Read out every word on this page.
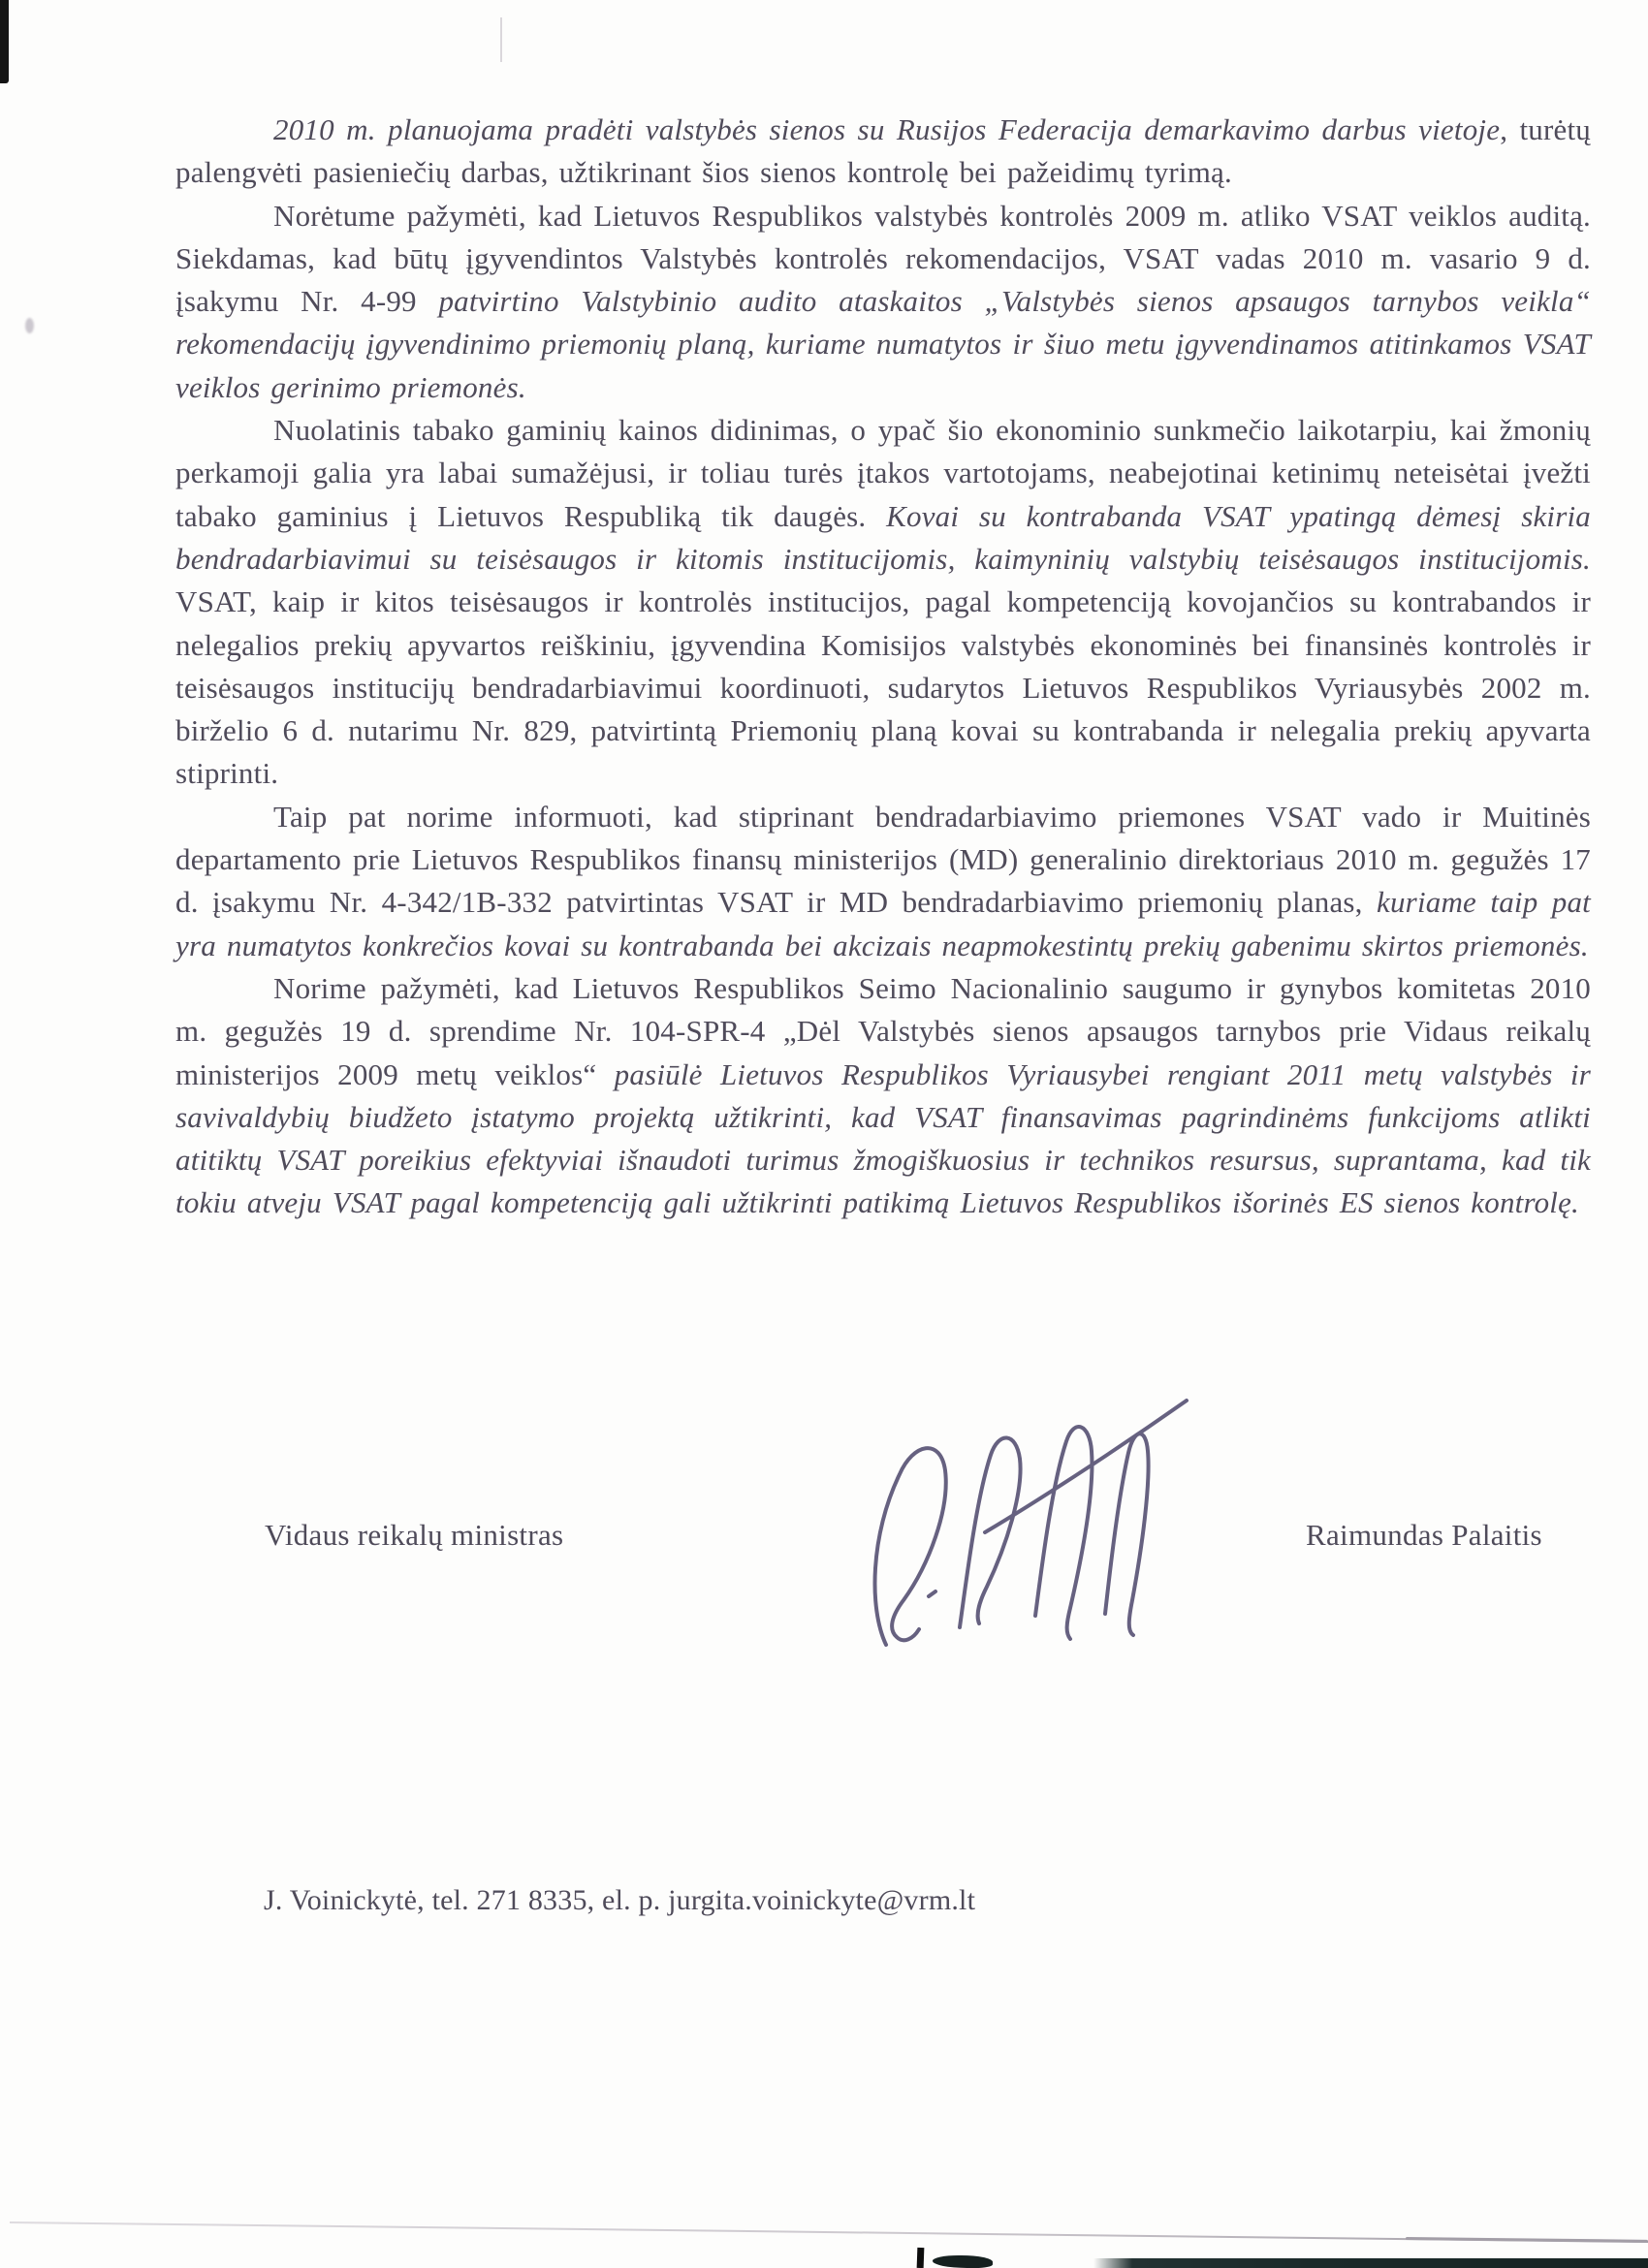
2010 m. planuojama pradėti valstybės sienos su Rusijos Federacija demarkavimo darbus vietoje, turėtų palengvėti pasieniečių darbas, užtikrinant šios sienos kontrolę bei pažeidimų tyrimą.

Norėtume pažymėti, kad Lietuvos Respublikos valstybės kontrolės 2009 m. atliko VSAT veiklos auditą. Siekdamas, kad būtų įgyvendintos Valstybės kontrolės rekomendacijos, VSAT vadas 2010 m. vasario 9 d. įsakymu Nr. 4-99 patvirtino Valstybinio audito ataskaitos „Valstybės sienos apsaugos tarnybos veikla“ rekomendacijų įgyvendinimo priemonių planą, kuriame numatytos ir šiuo metu įgyvendinamos atitinkamos VSAT veiklos gerinimo priemonės.

Nuolatinis tabako gaminių kainos didinimas, o ypač šio ekonominio sunkmečio laikotarpiu, kai žmonių perkamoji galia yra labai sumažėjusi, ir toliau turės įtakos vartotojams, neabejotinai ketinimų neteisėtai įvežti tabako gaminius į Lietuvos Respubliką tik daugės. Kovai su kontrabanda VSAT ypatingą dėmesį skiria bendradarbiavimui su teisėsaugos ir kitomis institucijomis, kaimyninių valstybių teisėsaugos institucijomis. VSAT, kaip ir kitos teisėsaugos ir kontrolės institucijos, pagal kompetenciją kovojančios su kontrabandos ir nelegalios prekių apyvartos reiškiniu, įgyvendina Komisijos valstybės ekonominės bei finansinės kontrolės ir teisėsaugos institucijų bendradarbiavimui koordinuoti, sudarytos Lietuvos Respublikos Vyriausybės 2002 m. birželio 6 d. nutarimu Nr. 829, patvirtintą Priemonių planą kovai su kontrabanda ir nelegalia prekių apyvarta stiprinti.

Taip pat norime informuoti, kad stiprinant bendradarbiavimo priemones VSAT vado ir Muitinės departamento prie Lietuvos Respublikos finansų ministerijos (MD) generalinio direktoriaus 2010 m. gegužės 17 d. įsakymu Nr. 4-342/1B-332 patvirtintas VSAT ir MD bendradarbiavimo priemonių planas, kuriame taip pat yra numatytos konkrečios kovai su kontrabanda bei akcizais neapmokestintų prekių gabenimu skirtos priemonės.

Norime pažymėti, kad Lietuvos Respublikos Seimo Nacionalinio saugumo ir gynybos komitetas 2010 m. gegužės 19 d. sprendime Nr. 104-SPR-4 „Dėl Valstybės sienos apsaugos tarnybos prie Vidaus reikalų ministerijos 2009 metų veiklos“ pasiūlė Lietuvos Respublikos Vyriausybei rengiant 2011 metų valstybės ir savivaldybių biudžeto įstatymo projektą užtikrinti, kad VSAT finansavimas pagrindinėms funkcijoms atlikti atitiktų VSAT poreikius efektyviai išnaudoti turimus žmogiškuosius ir technikos resursus, suprantama, kad tik tokiu atveju VSAT pagal kompetenciją gali užtikrinti patikimą Lietuvos Respublikos išorinės ES sienos kontrolę.

Vidaus reikalų ministras	Raimundas Palaitis
J. Voinickytė, tel. 271 8335, el. p. jurgita.voinickyte@vrm.lt
